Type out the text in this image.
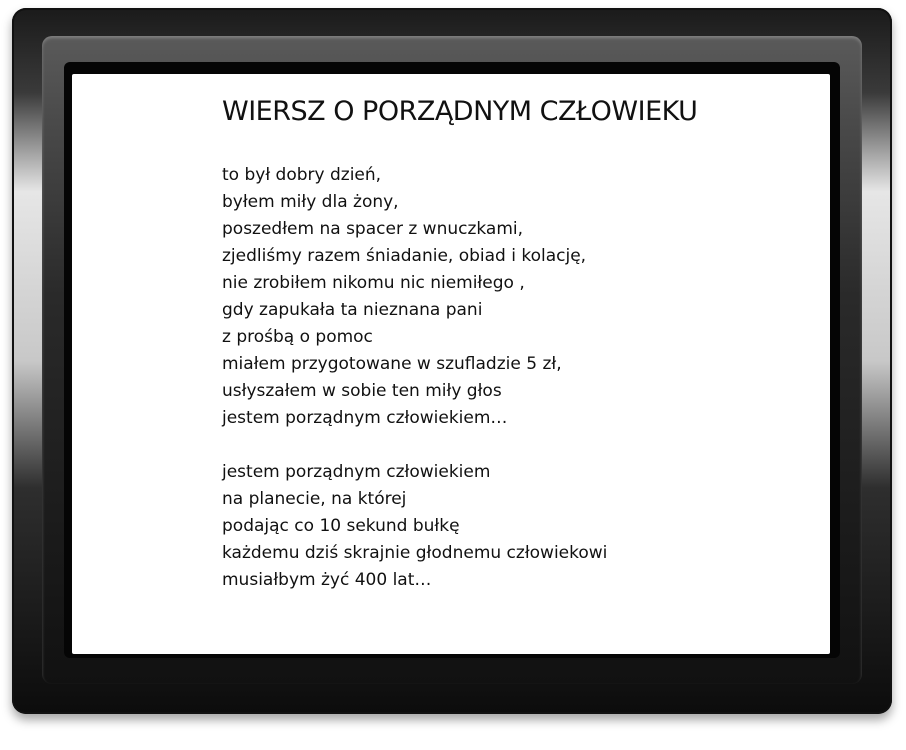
WIERSZ O PORZĄDNYM CZŁOWIEKU
to był dobry dzień,
byłem miły dla żony,
poszedłem na spacer z wnuczkami,
zjedliśmy razem śniadanie, obiad i kolację,
nie zrobiłem nikomu nic niemiłego ,
gdy zapukała ta nieznana pani
z prośbą o pomoc
miałem przygotowane w szufladzie 5 zł,
usłyszałem w sobie ten miły głos
jestem porządnym człowiekiem…
jestem porządnym człowiekiem
na planecie, na której
podając co 10 sekund bułkę
każdemu dziś skrajnie głodnemu człowiekowi
musiałbym żyć 400 lat…
